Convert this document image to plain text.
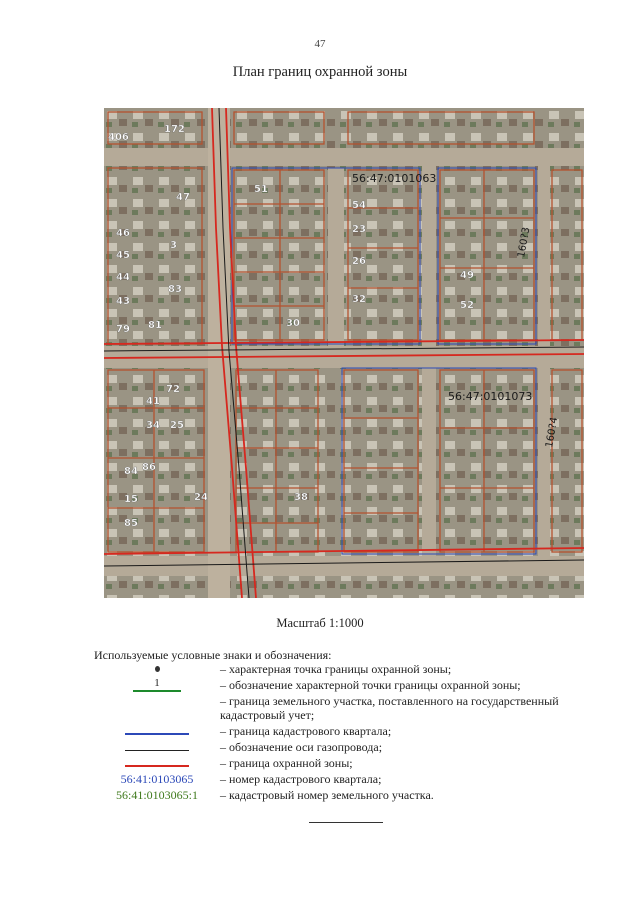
47
План границ охранной зоны
56:47:0101063
56:47:0101073
160?3
160?4
406
172
47
46
45
44
43
79 81
83
3
51
54
23
26
32
30
49
52
72
84
85
86
15	24	38
41
34 25
Масштаб 1:1000
Используемые условные знаки и обозначения:
– характерная точка границы охранной зоны;
1	– обозначение характерной точки границы охранной зоны;
– граница земельного участка, поставленного на государственный кадастровый учет;
– граница кадастрового квартала;
– обозначение оси газопровода;
– граница охранной зоны;
56:41:0103065 – номер кадастрового квартала;
56:41:0103065:1 – кадастровый номер земельного участка.
